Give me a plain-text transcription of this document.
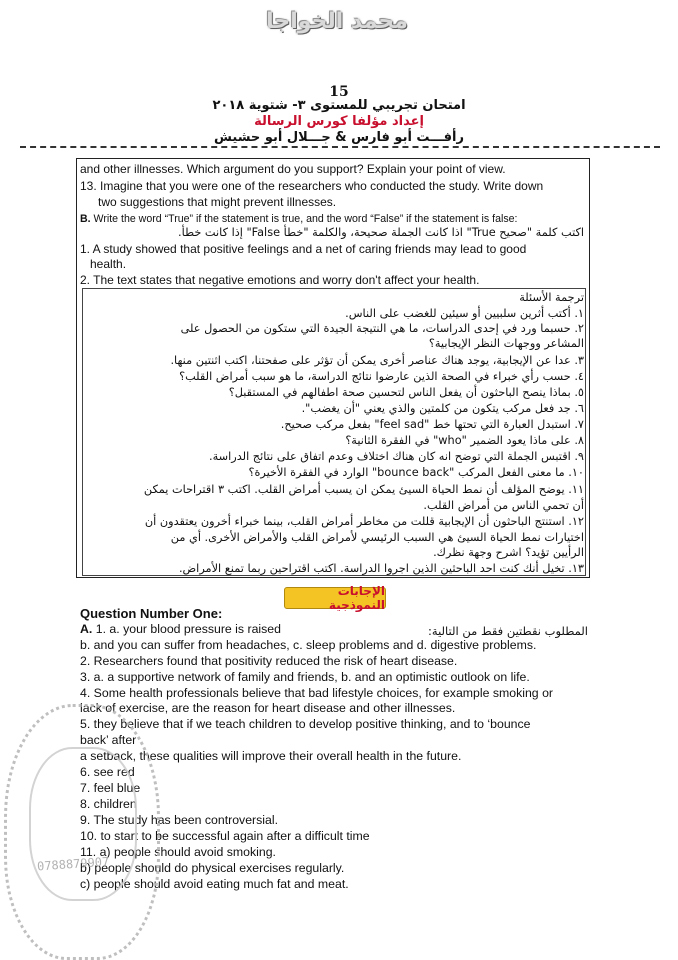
محمد الخواجا
15
امتحان تجريبي للمستوى ٣- شتوية ٢٠١٨
إعداد مؤلفا كورس الرسالة
رأفـــت أبو فارس & جـــلال أبو حشيش
and other illnesses. Which argument do you support? Explain your point of view.
13. Imagine that you were one of the researchers who conducted the study. Write down
two suggestions that might prevent illnesses.
B. Write the word “True” if the statement is true, and the word “False” if the statement is false:
اكتب كلمة "صحيح True" اذا كانت الجملة صحيحة، والكلمة "خطأ False" إذا كانت خطأ.
1. A study showed that positive feelings and a net of caring friends may lead to good
health.
2. The text states that negative emotions and worry don't affect your health.
ترجمة الأسئلة
١. أكتب أثرين سلبيين أو سيئين للغضب على الناس.
٢. حسبما ورد في إحدى الدراسات، ما هي النتيجة الجيدة التي ستكون من الحصول على
المشاعر ووجهات النظر الإيجابية؟
٣. عدا عن الإيجابية، يوجد هناك عناصر أخرى يمكن أن تؤثر على صفحتنا، اكتب اثنتين منها.
٤. حسب رأي خبراء في الصحة الذين عارضوا نتائج الدراسة، ما هو سبب أمراض القلب؟
٥. بماذا ينصح الباحثون أن يفعل الناس لتحسين صحة اطفالهم في المستقبل؟
٦. جد فعل مركب يتكون من كلمتين والذي يعني "أن يغضب".
٧. استبدل العبارة التي تحتها خط "feel sad" بفعل مركب صحيح.
٨. على ماذا يعود الضمير "who" في الفقرة الثانية؟
٩. اقتبس الجملة التي توضح انه كان هناك اختلاف وعدم اتفاق على نتائج الدراسة.
١٠. ما معنى الفعل المركب "bounce back" الوارد في الفقرة الأخيرة؟
١١. يوضح المؤلف أن نمط الحياة السيئ يمكن ان يسبب أمراض القلب. اكتب ٣ اقتراحات يمكن
أن تحمي الناس من أمراض القلب.
١٢. استنتج الباحثون أن الإيجابية قللت من مخاطر أمراض القلب، بينما خبراء أخرون يعتقدون أن
اختيارات نمط الحياة السيئ هي السبب الرئيسي لأمراض القلب والأمراض الأخرى. أي من
الرأيين تؤيد؟ اشرح وجهة نظرك.
١٣. تخيل أنك كنت احد الباحثين الذين اجروا الدراسة. اكتب اقتراحين ربما تمنع الأمراض.
الإجابات النموذجية
Question Number One:
A. 1. a. your blood pressure is raised	المطلوب نقطتين فقط من التالية:
b. and you can suffer from headaches, c. sleep problems and d. digestive problems.
2. Researchers found that positivity reduced the risk of heart disease.
3. a. a supportive network of family and friends, b. and an optimistic outlook on life.
4. Some health professionals believe that bad lifestyle choices, for example smoking or
lack of exercise, are the reason for heart disease and other illnesses.
5. they believe that if we teach children to develop positive thinking, and to ‘bounce
back’ after
a setback, these qualities will improve their overall health in the future.
6. see red
7. feel blue
8. children
9. The study has been controversial.
10. to start to be successful again after a difficult time
11. a) people should avoid smoking.
b) people should do physical exercises regularly.
c) people should avoid eating much fat and meat.
0788879907
